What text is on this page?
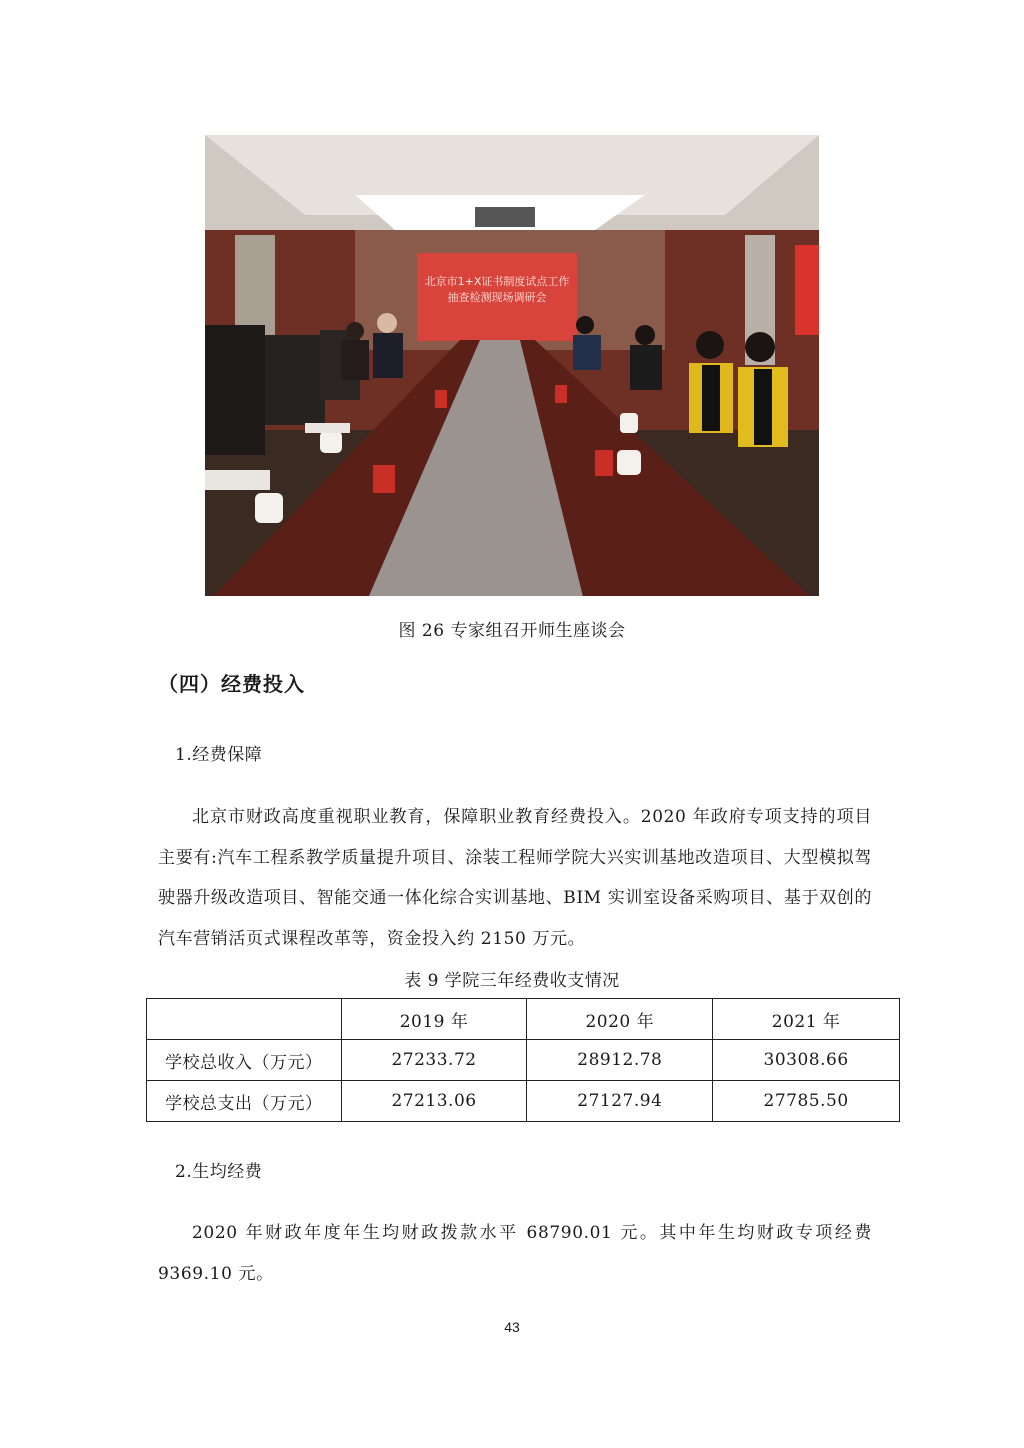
北京市1+X证书制度试点工作
抽查检测现场调研会
图 26 专家组召开师生座谈会
（四）经费投入
1.经费保障

北京市财政高度重视职业教育，保障职业教育经费投入。2020 年政府专项支持的项目主要有:汽车工程系教学质量提升项目、涂装工程师学院大兴实训基地改造项目、大型模拟驾驶器升级改造项目、智能交通一体化综合实训基地、BIM 实训室设备采购项目、基于双创的汽车营销活页式课程改革等，资金投入约 2150 万元。

表 9 学院三年经费收支情况
	2019 年	2020 年	2021 年
学校总收入（万元）	27233.72	28912.78	30308.66
学校总支出（万元）	27213.06	27127.94	27785.50
2.生均经费

2020 年财政年度年生均财政拨款水平 68790.01 元。其中年生均财政专项经费 9369.10 元。

43
